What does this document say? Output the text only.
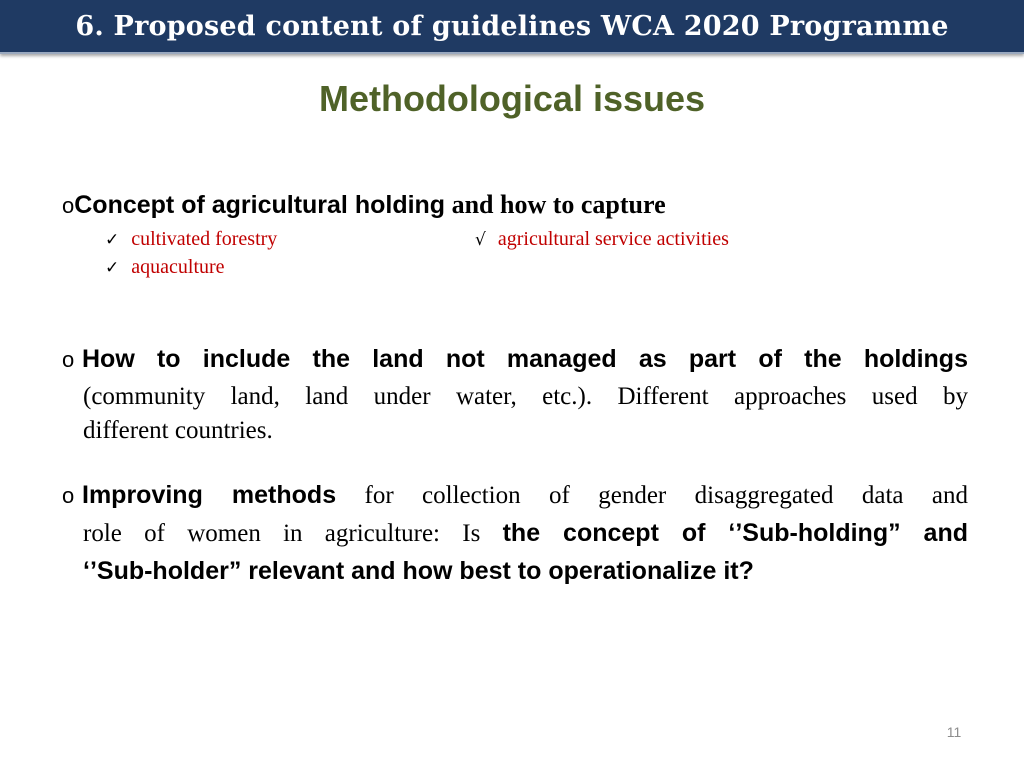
6. Proposed content of guidelines WCA 2020 Programme
Methodological issues
oConcept of agricultural holding and how to capture
✓ cultivated forestry
✓ aquaculture
√ agricultural service activities
o How to include the land not managed as part of the holdings
(community land, land under water, etc.). Different approaches used by
different countries.
o Improving methods for collection of gender disaggregated data and
role of women in agriculture: Is the concept of ‘’Sub-holding” and
‘’Sub-holder” relevant and how best to operationalize it?
11
